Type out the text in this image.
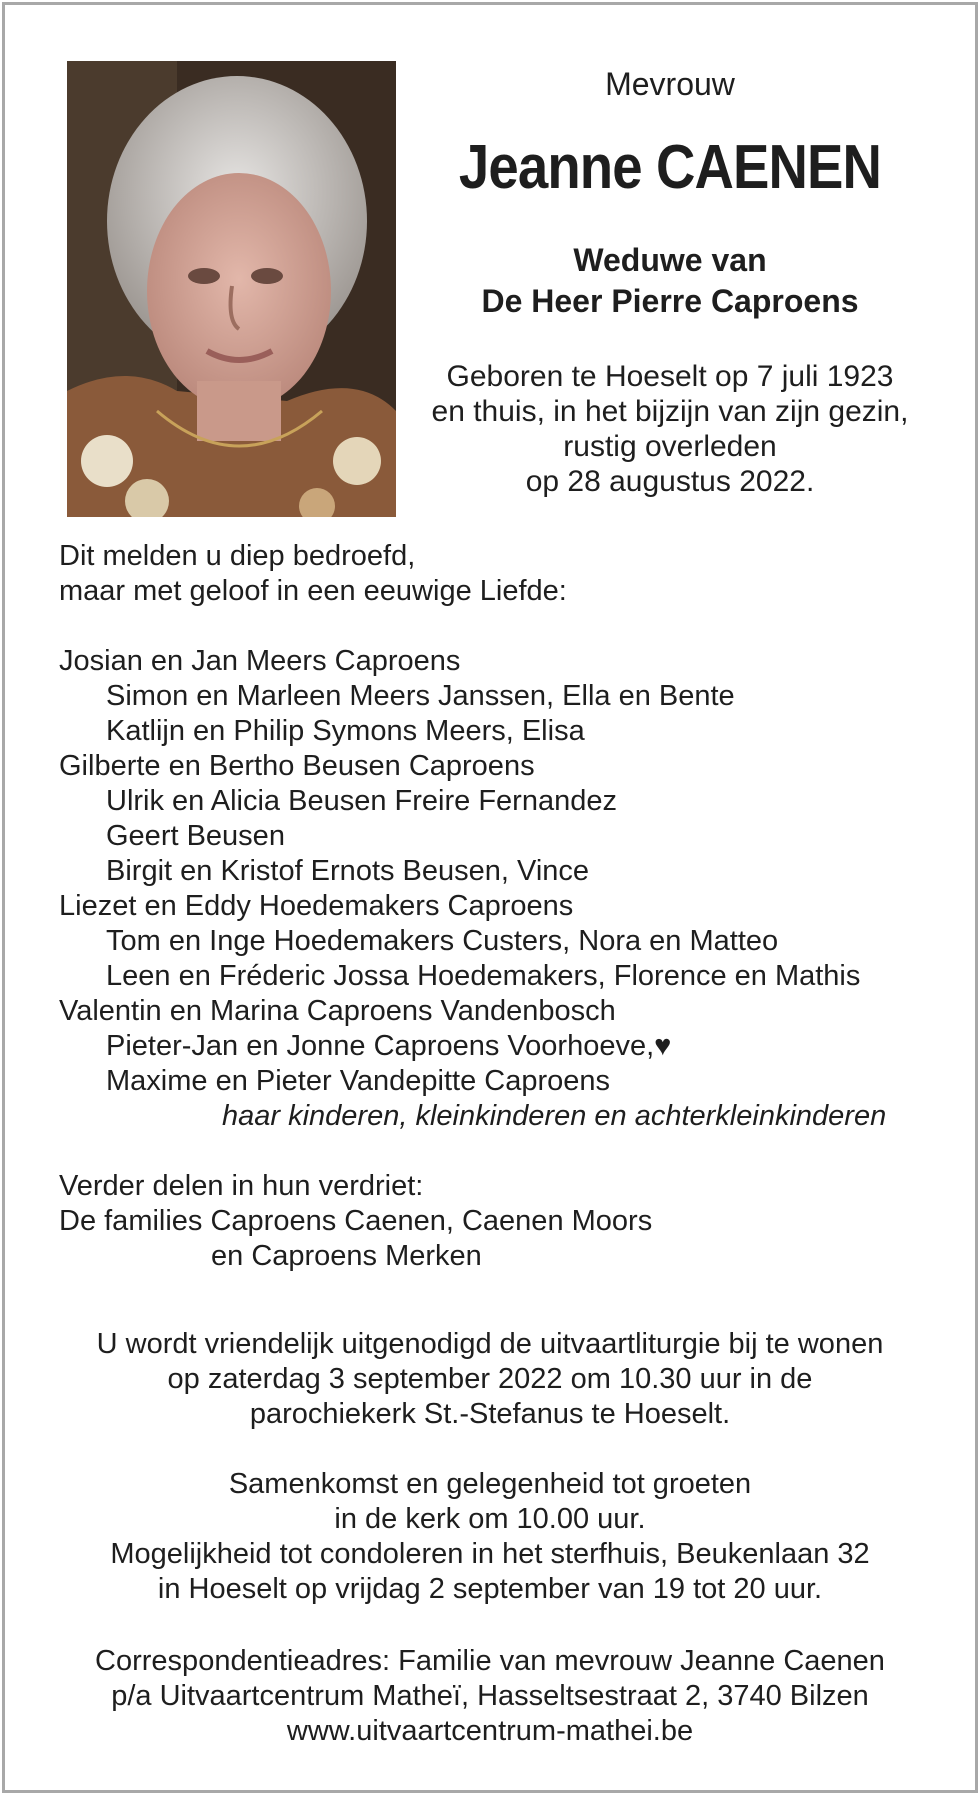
Mevrouw
Jeanne CAENEN
Weduwe van
De Heer Pierre Caproens
Geboren te Hoeselt op 7 juli 1923
en thuis, in het bijzijn van zijn gezin,
rustig overleden
op 28 augustus 2022.
Dit melden u diep bedroefd,
maar met geloof in een eeuwige Liefde:
Josian en Jan Meers Caproens
Simon en Marleen Meers Janssen, Ella en Bente
Katlijn en Philip Symons Meers, Elisa
Gilberte en Bertho Beusen Caproens
Ulrik en Alicia Beusen Freire Fernandez
Geert Beusen
Birgit en Kristof Ernots Beusen, Vince
Liezet en Eddy Hoedemakers Caproens
Tom en Inge Hoedemakers Custers, Nora en Matteo
Leen en Fréderic Jossa Hoedemakers, Florence en Mathis
Valentin en Marina Caproens Vandenbosch
Pieter-Jan en Jonne Caproens Voorhoeve,♥
Maxime en Pieter Vandepitte Caproens
haar kinderen, kleinkinderen en achterkleinkinderen
Verder delen in hun verdriet:
De families Caproens Caenen, Caenen Moors
en Caproens Merken
U wordt vriendelijk uitgenodigd de uitvaartliturgie bij te wonen
op zaterdag 3 september 2022 om 10.30 uur in de
parochiekerk St.-Stefanus te Hoeselt.
Samenkomst en gelegenheid tot groeten
in de kerk om 10.00 uur.
Mogelijkheid tot condoleren in het sterfhuis, Beukenlaan 32
in Hoeselt op vrijdag 2 september van 19 tot 20 uur.
Correspondentieadres: Familie van mevrouw Jeanne Caenen
p/a Uitvaartcentrum Matheï, Hasseltsestraat 2, 3740 Bilzen
www.uitvaartcentrum-mathei.be
